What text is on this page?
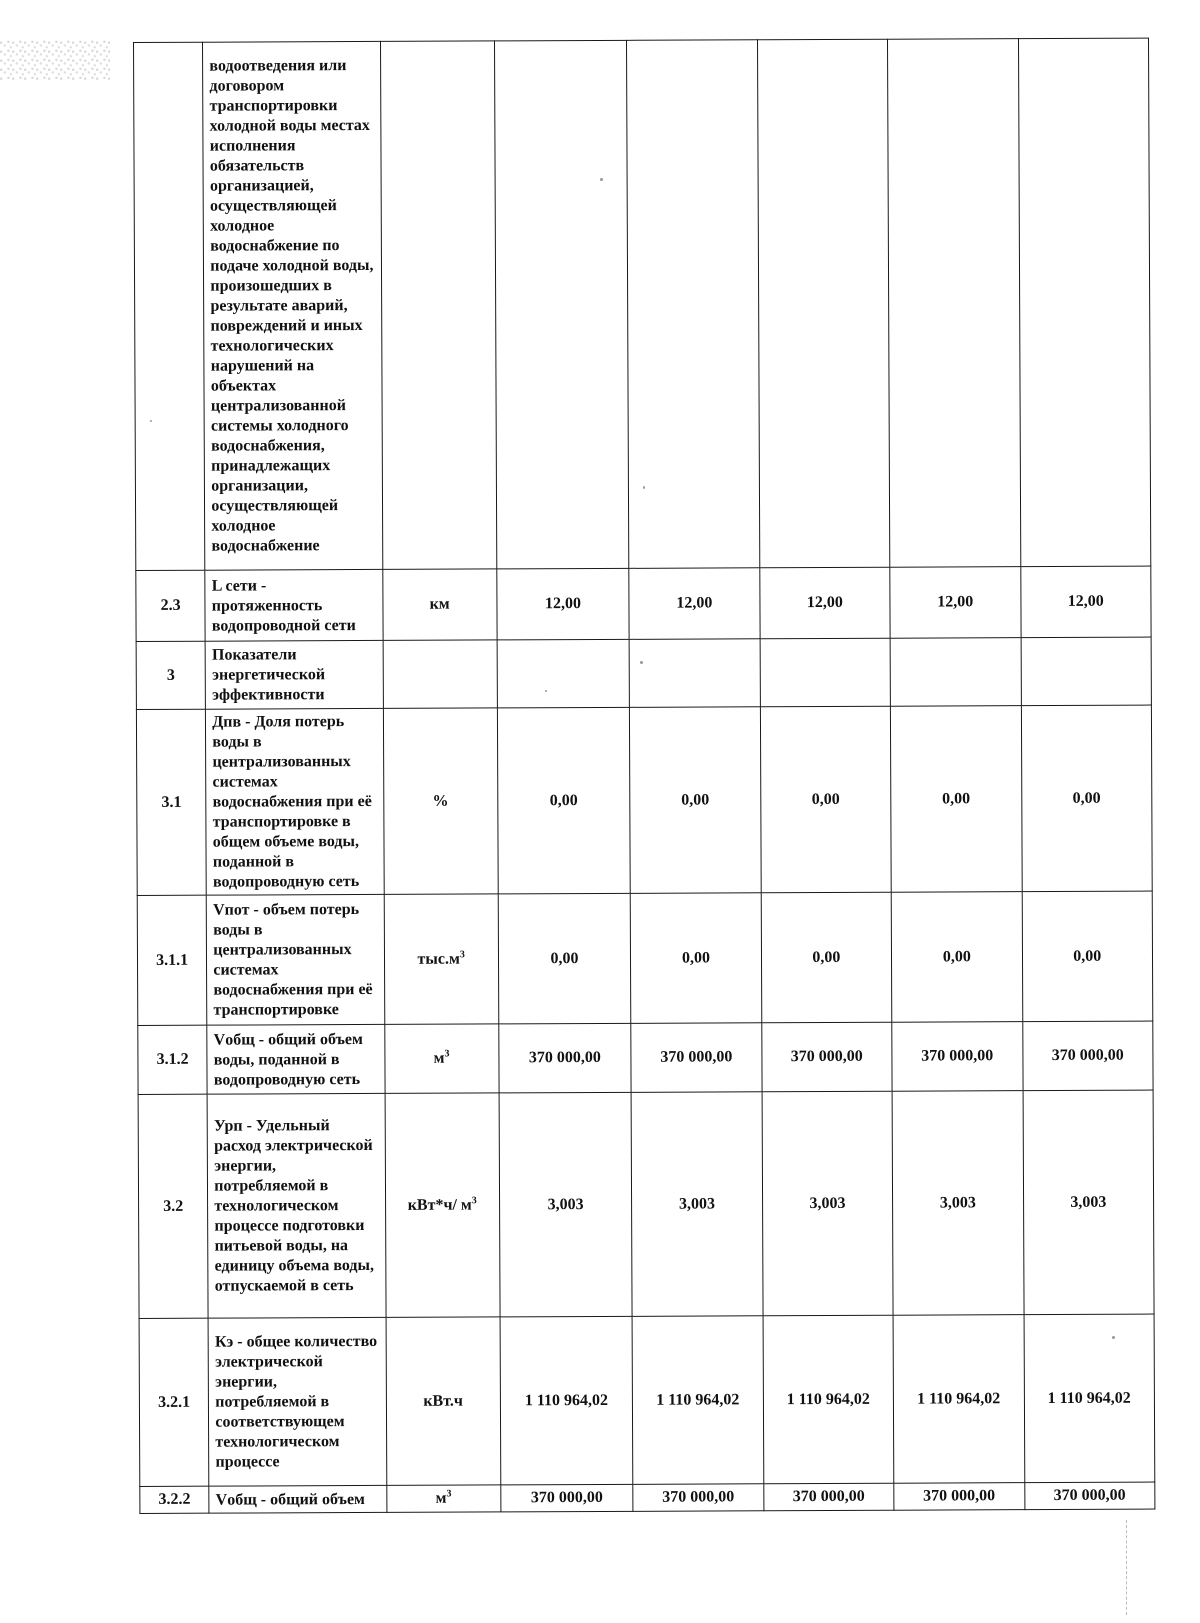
	водоотведения или договором транспортировки холодной воды местах исполнения обязательств организацией, осуществляющей холодное водоснабжение по подаче холодной воды, произошедших в результате аварий, повреждений и иных технологических нарушений на объектах централизованной системы холодного водоснабжения, принадлежащих организации, осуществляющей холодное водоснабжение						
2.3	L сети - протяженность водопроводной сети	км	12,00	12,00	12,00	12,00	12,00
3	Показатели энергетической эффективности						
3.1	Дпв - Доля потерь воды в централизованных системах водоснабжения при её транспортировке в общем объеме воды, поданной в водопроводную сеть	%	0,00	0,00	0,00	0,00	0,00
3.1.1	Vпот - объем потерь воды в централизованных системах водоснабжения при её транспортировке	$тыс.м^3$	0,00	0,00	0,00	0,00	0,00
3.1.2	Vобщ - общий объем воды, поданной в водопроводную сеть	$м^3$	370 000,00	370 000,00	370 000,00	370 000,00	370 000,00
3.2	Урп - Удельный расход электрической энергии, потребляемой в технологическом процессе подготовки питьевой воды, на единицу объема воды, отпускаемой в сеть	кВт*ч/ $м^3$	3,003	3,003	3,003	3,003	3,003
3.2.1	Кэ - общее количество электрической энергии, потребляемой в соответствующем технологическом процессе	кВт.ч	1 110 964,02	1 110 964,02	1 110 964,02	1 110 964,02	1 110 964,02
3.2.2	Vобщ - общий объем	$м^3$	370 000,00	370 000,00	370 000,00	370 000,00	370 000,00
